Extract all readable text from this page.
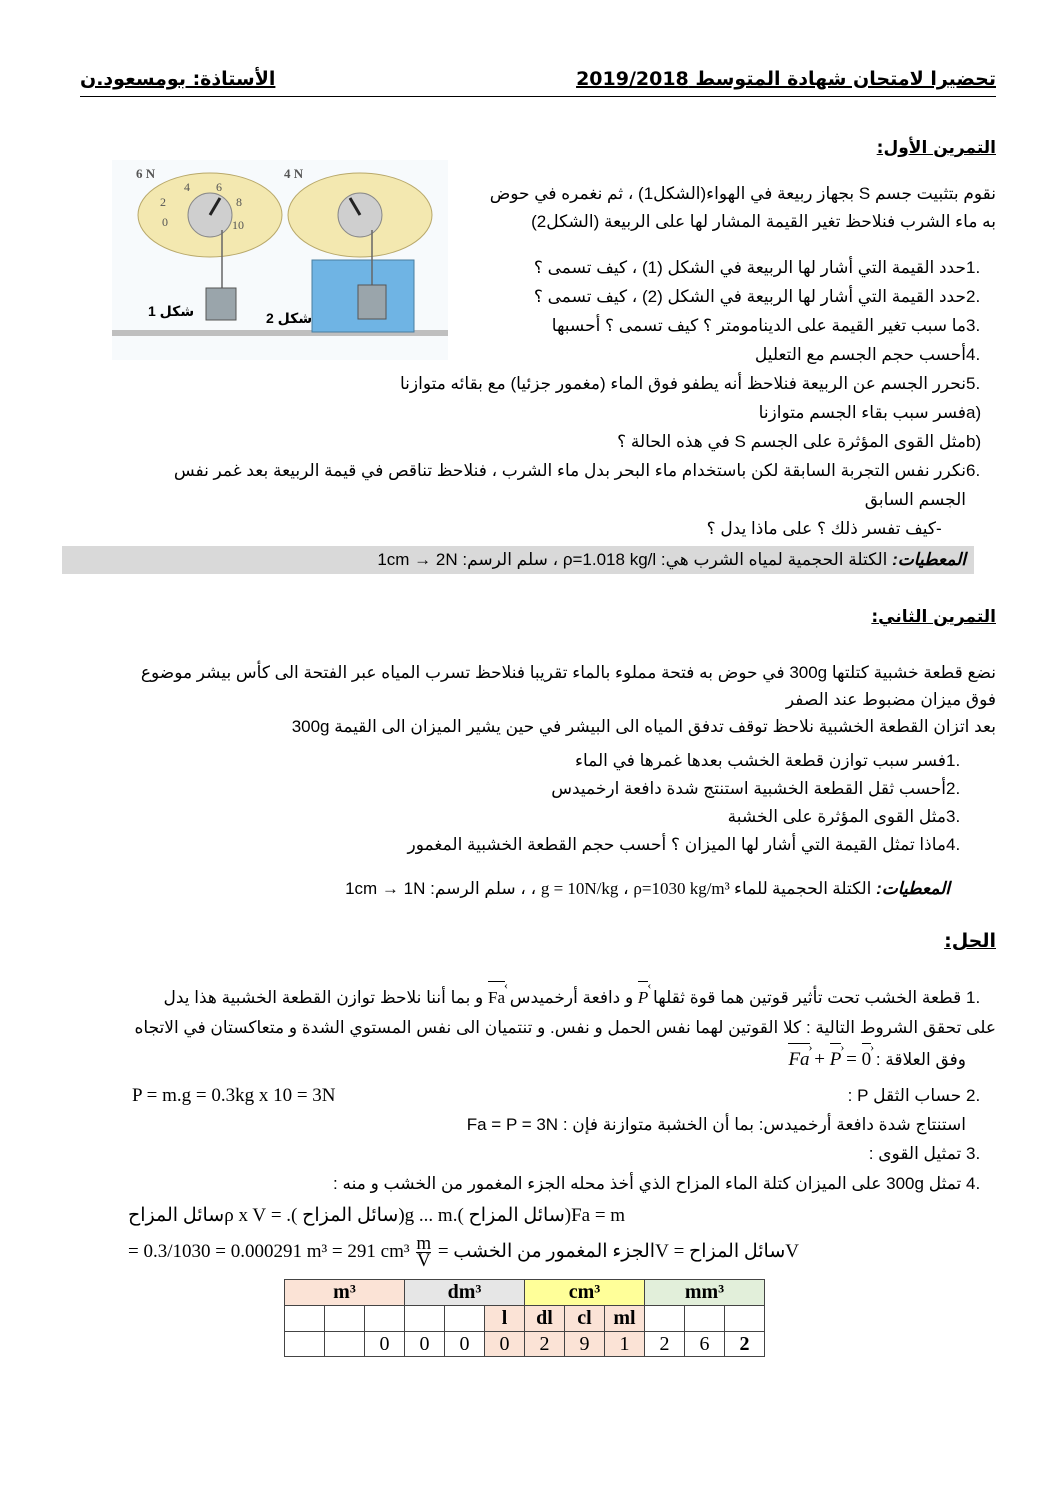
الأستاذة: بومسعود.ن	تحضيرا لامتحان شهادة المتوسط 2019/2018
التمرين الأول:
6 N	4 N
شكل 1	شكل 2
0
2
4 6
8
10
نقوم بتثبيت جسم S بجهاز ربيعة في الهواء(الشكل1) ، ثم نغمره في حوض
به ماء الشرب فنلاحظ تغير القيمة المشار لها على الربيعة (الشكل2)
1.حدد القيمة التي أشار لها الربيعة في الشكل (1) ، كيف تسمى ؟
2.حدد القيمة التي أشار لها الربيعة في الشكل (2) ، كيف تسمى ؟
3.ما سبب تغير القيمة على الدينامومتر ؟ كيف تسمى ؟ أحسبها
4.أحسب حجم الجسم مع التعليل
5.نحرر الجسم عن الربيعة فنلاحظ أنه يطفو فوق الماء (مغمور جزئيا) مع بقائه متوازنا
a)فسر سبب بقاء الجسم متوازنا
b)مثل القوى المؤثرة على الجسم S في هذه الحالة ؟
6.نكرر نفس التجربة السابقة لكن باستخدام ماء البحر بدل ماء الشرب ، فنلاحظ تناقص في قيمة الربيعة بعد غمر نفس
الجسم السابق
-كيف تفسر ذلك ؟ على ماذا يدل ؟
المعطيات: الكتلة الحجمية لمياه الشرب هي: ρ=1.018 kg/l ، سلم الرسم: 1cm → 2N
التمرين الثاني:
نضع قطعة خشبية كتلتها 300g في حوض به فتحة مملوء بالماء تقريبا فنلاحظ تسرب المياه عبر الفتحة الى كأس بيشر موضوع
فوق ميزان مضبوط عند الصفر
بعد اتزان القطعة الخشبية نلاحظ توقف تدفق المياه الى البيشر في حين يشير الميزان الى القيمة 300g
1.فسر سبب توازن قطعة الخشب بعدها غمرها في الماء
2.أحسب ثقل القطعة الخشبية استنتج شدة دافعة ارخميدس
3.مثل القوى المؤثرة على الخشبة
4.ماذا تمثل القيمة التي أشار لها الميزان ؟ أحسب حجم القطعة الخشبية المغمور
المعطيات: الكتلة الحجمية للماء ρ=1030 kg/m³ ، g = 10N/kg ، ، سلم الرسم: 1cm → 1N
الحل:
1. قطعة الخشب تحت تأثير قوتين هما قوة ثقلها P › و دافعة أرخميدس Fa › و بما أننا نلاحظ توازن القطعة الخشبية هذا يدل
على تحقق الشروط التالية : كلا القوتين لهما نفس الحمل و نفس. و تنتميان الى نفس المستوي الشدة و متعاكستان في الاتجاه
وفق العلاقة : Fa › + P › = 0 ›
2. حساب الثقل P :
P = m.g = 0.3kg x 10 = 3N
استنتاج شدة دافعة أرخميدس: بما أن الخشبة متوازنة فإن : Fa = P = 3N
3. تمثيل القوى :
4. تمثل 300g على الميزان كتلة الماء المزاح الذي أخذ محله الجزء المغمور من الخشب و منه :
Fa = m(سائل المزاح ).g ... m(سائل المزاح ). = ρ x Vسائل المزاح
Vسائل المزاح = Vالجزء المغمور من الخشب =
$\frac{m}{V}$
= 0.3/1030 = 0.000291 m³ = 291 cm³
m³			dm³			cm³			mm³		
					l	dl	cl	ml			
		0	0	0	0	2	9	1	2	6	2
